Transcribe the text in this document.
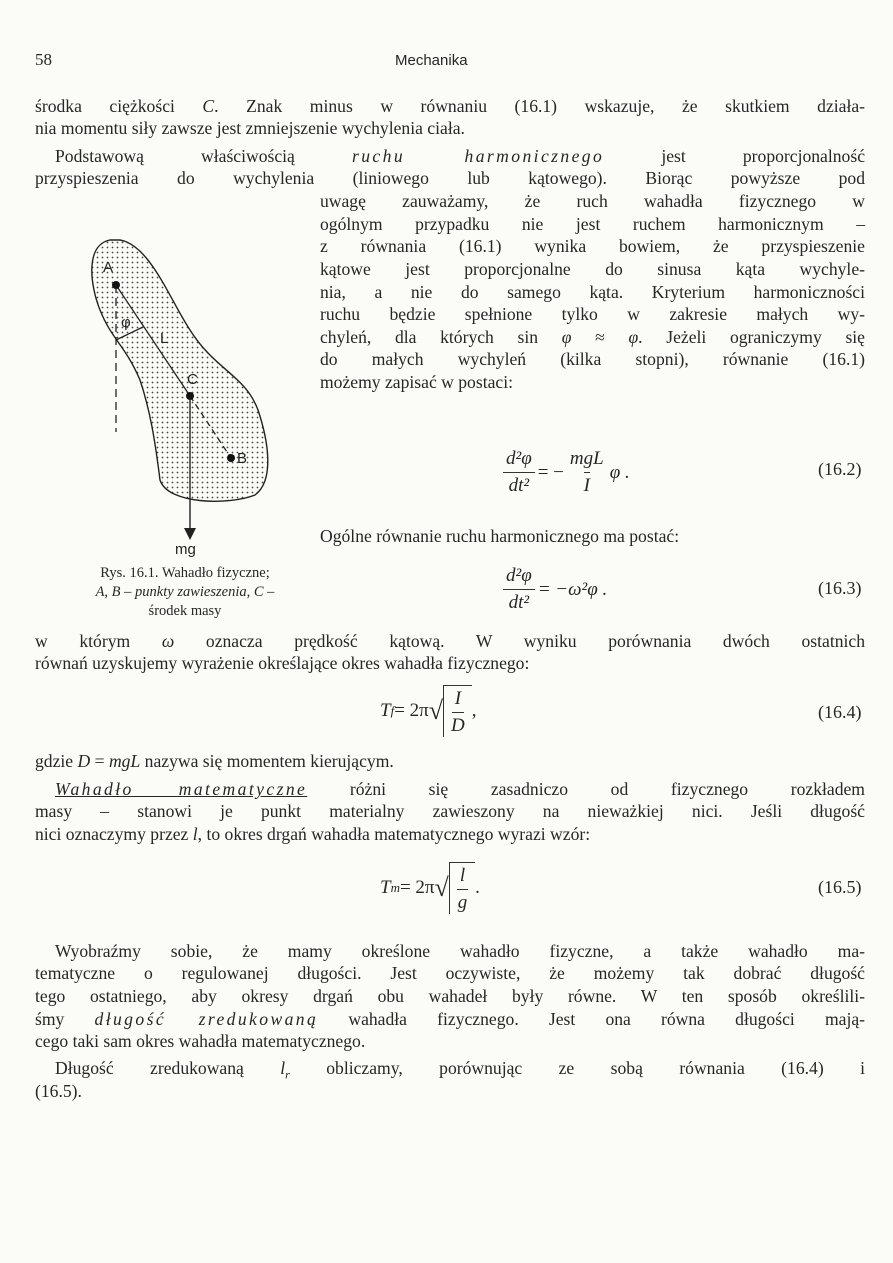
58	Mechanika
środka ciężkości C. Znak minus w równaniu (16.1) wskazuje, że skutkiem działa-
nia momentu siły zawsze jest zmniejszenie wychylenia ciała.
Podstawową właściwością ruchu harmonicznego jest proporcjonalność
przyspieszenia do wychylenia (liniowego lub kątowego). Biorąc powyższe pod
uwagę zauważamy, że ruch wahadła fizycznego w
ogólnym przypadku nie jest ruchem harmonicznym –
z równania (16.1) wynika bowiem, że przyspieszenie
kątowe jest proporcjonalne do sinusa kąta wychyle-
nia, a nie do samego kąta. Kryterium harmoniczności
ruchu będzie spełnione tylko w zakresie małych wy-
chyleń, dla których sin φ ≈ φ. Jeżeli ograniczymy się
do małych wychyleń (kilka stopni), równanie (16.1)
możemy zapisać w postaci:
Ogólne równanie ruchu harmonicznego ma postać:
w którym ω oznacza prędkość kątową. W wyniku porównania dwóch ostatnich
równań uzyskujemy wyrażenie określające okres wahadła fizycznego:
gdzie D = mgL nazywa się momentem kierującym.
Wahadło matematyczne różni się zasadniczo od fizycznego rozkładem
masy – stanowi je punkt materialny zawieszony na nieważkiej nici. Jeśli długość
nici oznaczymy przez l, to okres drgań wahadła matematycznego wyrazi wzór:
Wyobraźmy sobie, że mamy określone wahadło fizyczne, a także wahadło ma-
tematyczne o regulowanej długości. Jest oczywiste, że możemy tak dobrać długość
tego ostatniego, aby okresy drgań obu wahadeł były równe. W ten sposób określili-
śmy długość zredukowaną wahadła fizycznego. Jest ona równa długości mają-
cego taki sam okres wahadła matematycznego.
Długość zredukowaną $l_r$ obliczamy, porównując ze sobą równania (16.4) i
(16.5).
A
φ
L
C
B
mg
Rys. 16.1. Wahadło fizyczne;
A, B – punkty zawieszenia, C –
środek masy
$\frac{\text{d²φ}}{\text{dt²}}$ = − $\frac{\text{mgL}}{I}$ φ .	(16.2)
$\frac{\text{d²φ}}{\text{dt²}} = -\omega^2\varphi$ .	(16.3)
T f = 2π √ $\frac{I}{D}$ ,	(16.4)
T m = 2π √ $\frac{l}{g}$ .	(16.5)
